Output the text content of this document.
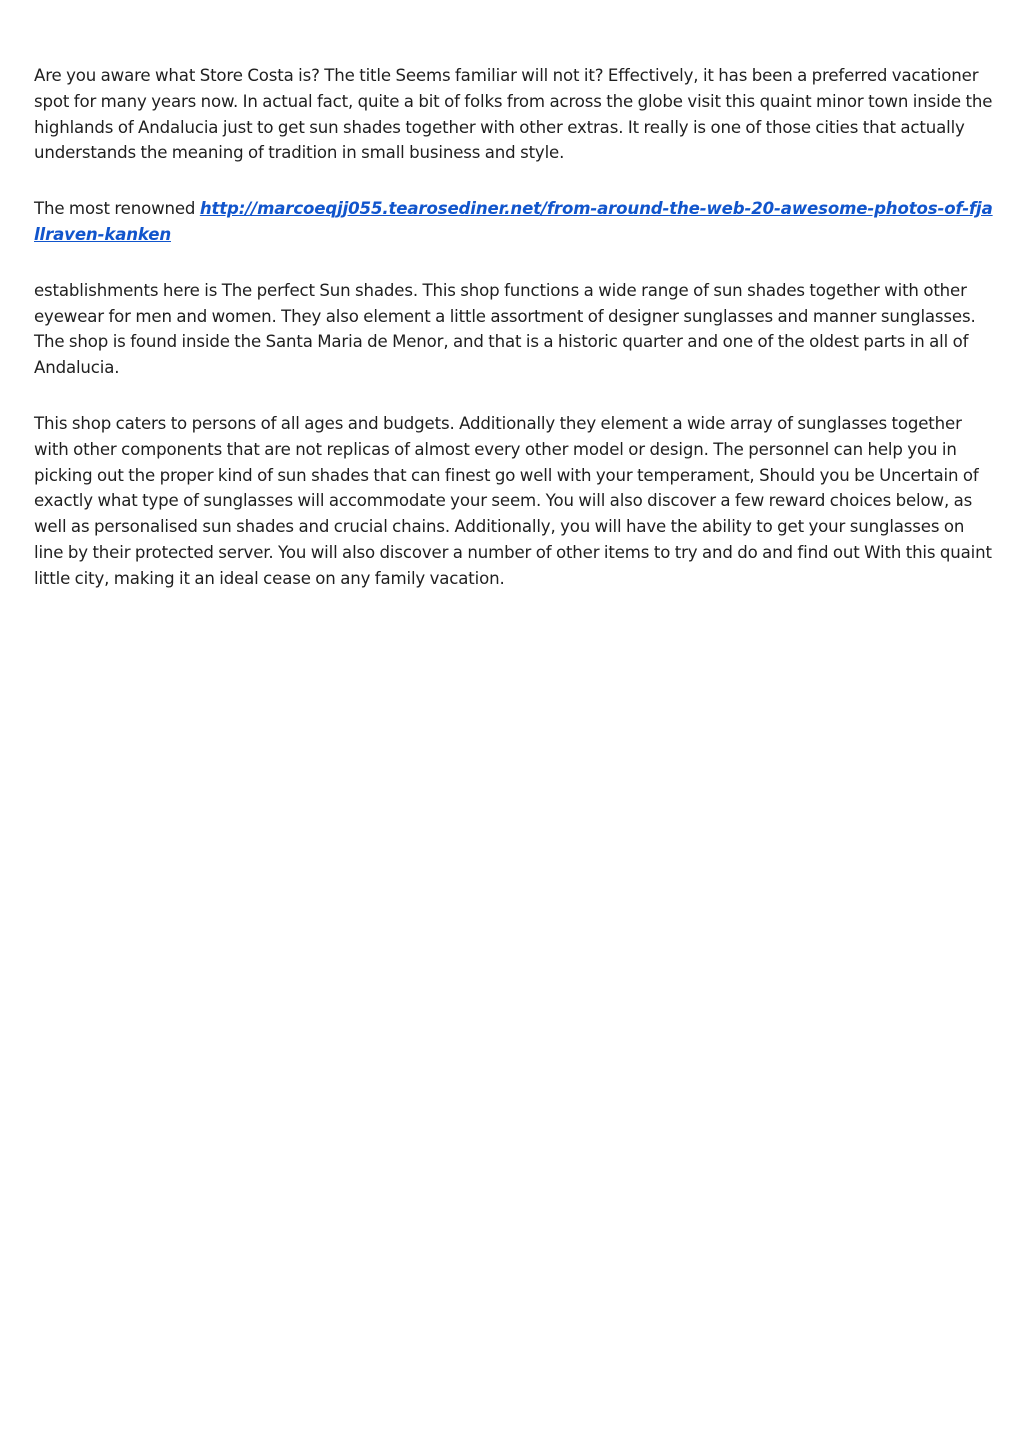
Are you aware what Store Costa is? The title Seems familiar will not it? Effectively, it has been a preferred vacationer spot for many years now. In actual fact, quite a bit of folks from across the globe visit this quaint minor town inside the highlands of Andalucia just to get sun shades together with other extras. It really is one of those cities that actually understands the meaning of tradition in small business and style.

The most renowned http://marcoeqjj055.tearosediner.net/from-around-the-web-20-awesome-photos-of-fjallraven-kanken

establishments here is The perfect Sun shades. This shop functions a wide range of sun shades together with other eyewear for men and women. They also element a little assortment of designer sunglasses and manner sunglasses. The shop is found inside the Santa Maria de Menor, and that is a historic quarter and one of the oldest parts in all of Andalucia.

This shop caters to persons of all ages and budgets. Additionally they element a wide array of sunglasses together with other components that are not replicas of almost every other model or design. The personnel can help you in picking out the proper kind of sun shades that can finest go well with your temperament, Should you be Uncertain of exactly what type of sunglasses will accommodate your seem. You will also discover a few reward choices below, as well as personalised sun shades and crucial chains. Additionally, you will have the ability to get your sunglasses on line by their protected server. You will also discover a number of other items to try and do and find out With this quaint little city, making it an ideal cease on any family vacation.
